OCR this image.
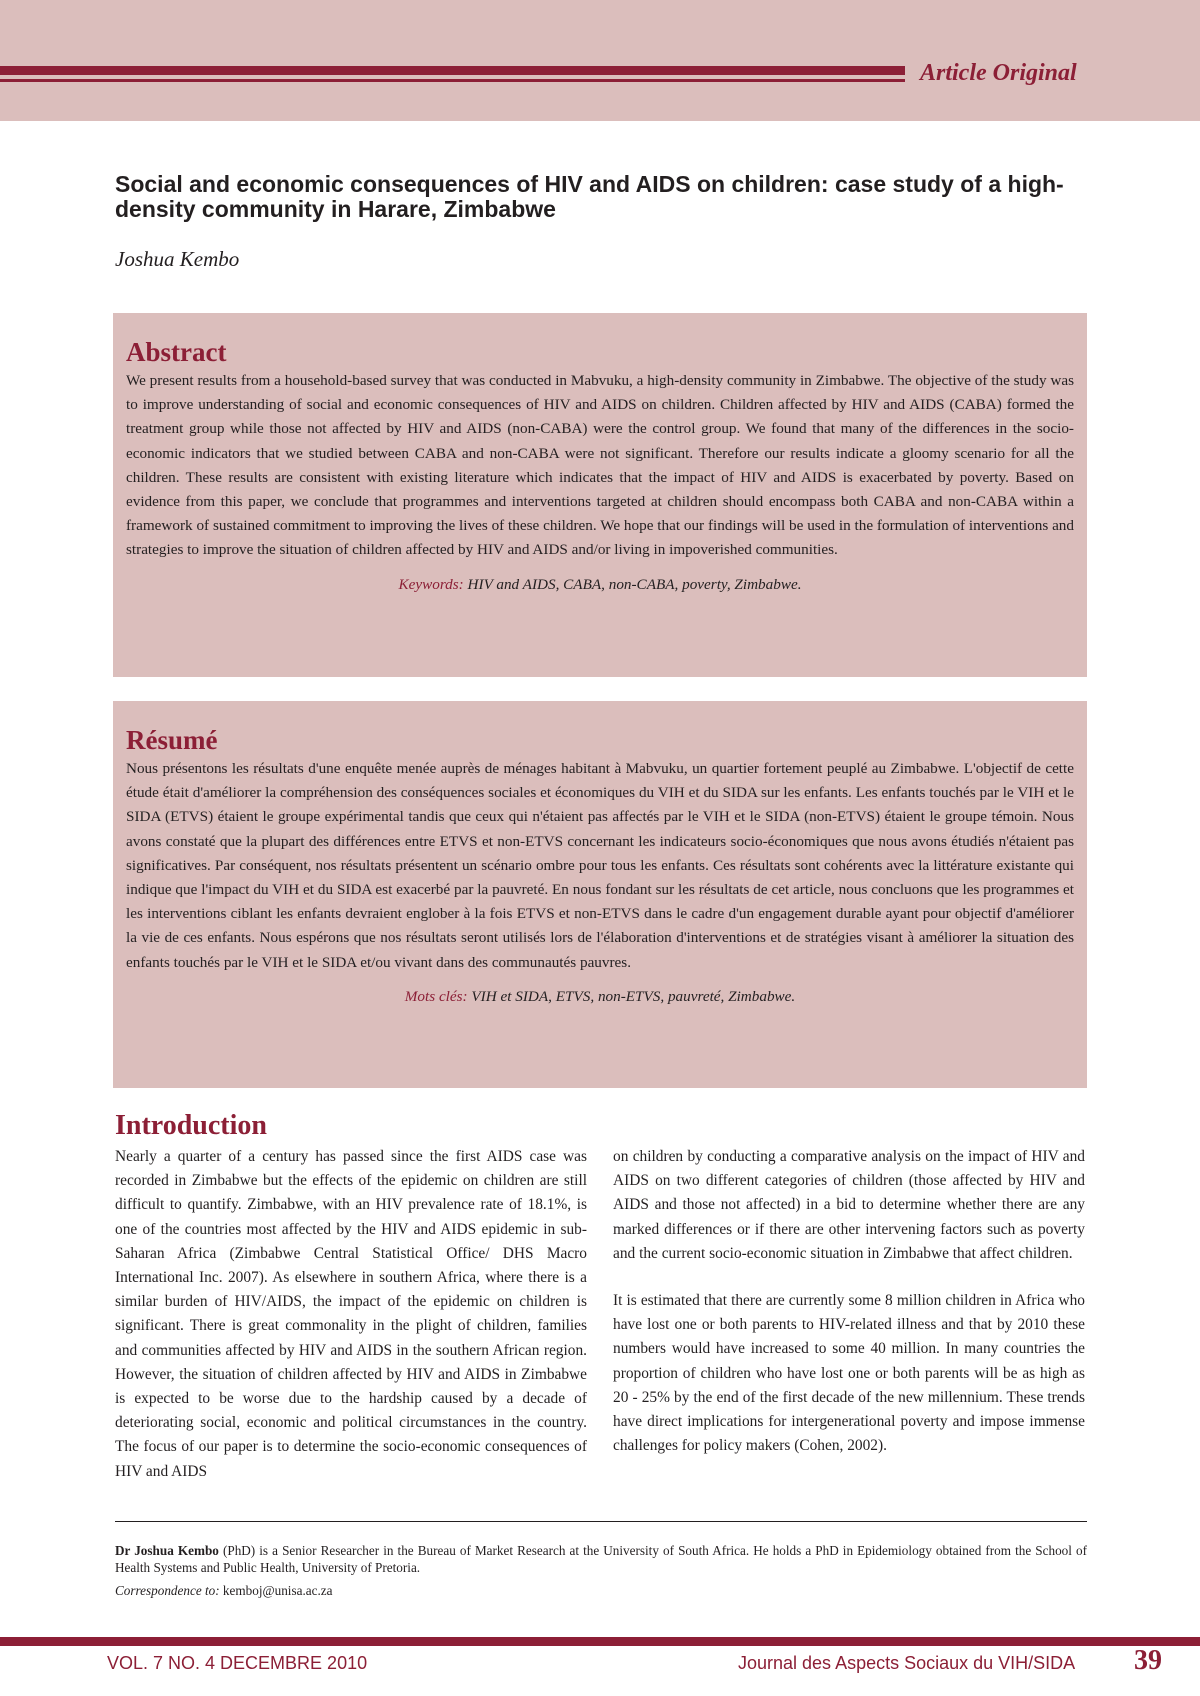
Article Original
Social and economic consequences of HIV and AIDS on children: case study of a high-density community in Harare, Zimbabwe
Joshua Kembo
Abstract
We present results from a household-based survey that was conducted in Mabvuku, a high-density community in Zimbabwe. The objective of the study was to improve understanding of social and economic consequences of HIV and AIDS on children. Children affected by HIV and AIDS (CABA) formed the treatment group while those not affected by HIV and AIDS (non-CABA) were the control group. We found that many of the differences in the socio-economic indicators that we studied between CABA and non-CABA were not significant. Therefore our results indicate a gloomy scenario for all the children. These results are consistent with existing literature which indicates that the impact of HIV and AIDS is exacerbated by poverty. Based on evidence from this paper, we conclude that programmes and interventions targeted at children should encompass both CABA and non-CABA within a framework of sustained commitment to improving the lives of these children. We hope that our findings will be used in the formulation of interventions and strategies to improve the situation of children affected by HIV and AIDS and/or living in impoverished communities.
Keywords: HIV and AIDS, CABA, non-CABA, poverty, Zimbabwe.
Résumé
Nous présentons les résultats d'une enquête menée auprès de ménages habitant à Mabvuku, un quartier fortement peuplé au Zimbabwe. L'objectif de cette étude était d'améliorer la compréhension des conséquences sociales et économiques du VIH et du SIDA sur les enfants. Les enfants touchés par le VIH et le SIDA (ETVS) étaient le groupe expérimental tandis que ceux qui n'étaient pas affectés par le VIH et le SIDA (non-ETVS) étaient le groupe témoin. Nous avons constaté que la plupart des différences entre ETVS et non-ETVS concernant les indicateurs socio-économiques que nous avons étudiés n'étaient pas significatives. Par conséquent, nos résultats présentent un scénario ombre pour tous les enfants. Ces résultats sont cohérents avec la littérature existante qui indique que l'impact du VIH et du SIDA est exacerbé par la pauvreté. En nous fondant sur les résultats de cet article, nous concluons que les programmes et les interventions ciblant les enfants devraient englober à la fois ETVS et non-ETVS dans le cadre d'un engagement durable ayant pour objectif d'améliorer la vie de ces enfants. Nous espérons que nos résultats seront utilisés lors de l'élaboration d'interventions et de stratégies visant à améliorer la situation des enfants touchés par le VIH et le SIDA et/ou vivant dans des communautés pauvres.
Mots clés: VIH et SIDA, ETVS, non-ETVS, pauvreté, Zimbabwe.
Introduction

Nearly a quarter of a century has passed since the first AIDS case was recorded in Zimbabwe but the effects of the epidemic on children are still difficult to quantify. Zimbabwe, with an HIV prevalence rate of 18.1%, is one of the countries most affected by the HIV and AIDS epidemic in sub-Saharan Africa (Zimbabwe Central Statistical Office/ DHS Macro International Inc. 2007). As elsewhere in southern Africa, where there is a similar burden of HIV/AIDS, the impact of the epidemic on children is significant. There is great commonality in the plight of children, families and communities affected by HIV and AIDS in the southern African region. However, the situation of children affected by HIV and AIDS in Zimbabwe is expected to be worse due to the hardship caused by a decade of deteriorating social, economic and political circumstances in the country. The focus of our paper is to determine the socio-economic consequences of HIV and AIDS

on children by conducting a comparative analysis on the impact of HIV and AIDS on two different categories of children (those affected by HIV and AIDS and those not affected) in a bid to determine whether there are any marked differences or if there are other intervening factors such as poverty and the current socio-economic situation in Zimbabwe that affect children.

It is estimated that there are currently some 8 million children in Africa who have lost one or both parents to HIV-related illness and that by 2010 these numbers would have increased to some 40 million. In many countries the proportion of children who have lost one or both parents will be as high as 20 - 25% by the end of the first decade of the new millennium. These trends have direct implications for intergenerational poverty and impose immense challenges for policy makers (Cohen, 2002).

Dr Joshua Kembo (PhD) is a Senior Researcher in the Bureau of Market Research at the University of South Africa. He holds a PhD in Epidemiology obtained from the School of Health Systems and Public Health, University of Pretoria.
Correspondence to: kemboj@unisa.ac.za
VOL. 7 NO. 4 DECEMBRE 2010	Journal des Aspects Sociaux du VIH/SIDA 39
